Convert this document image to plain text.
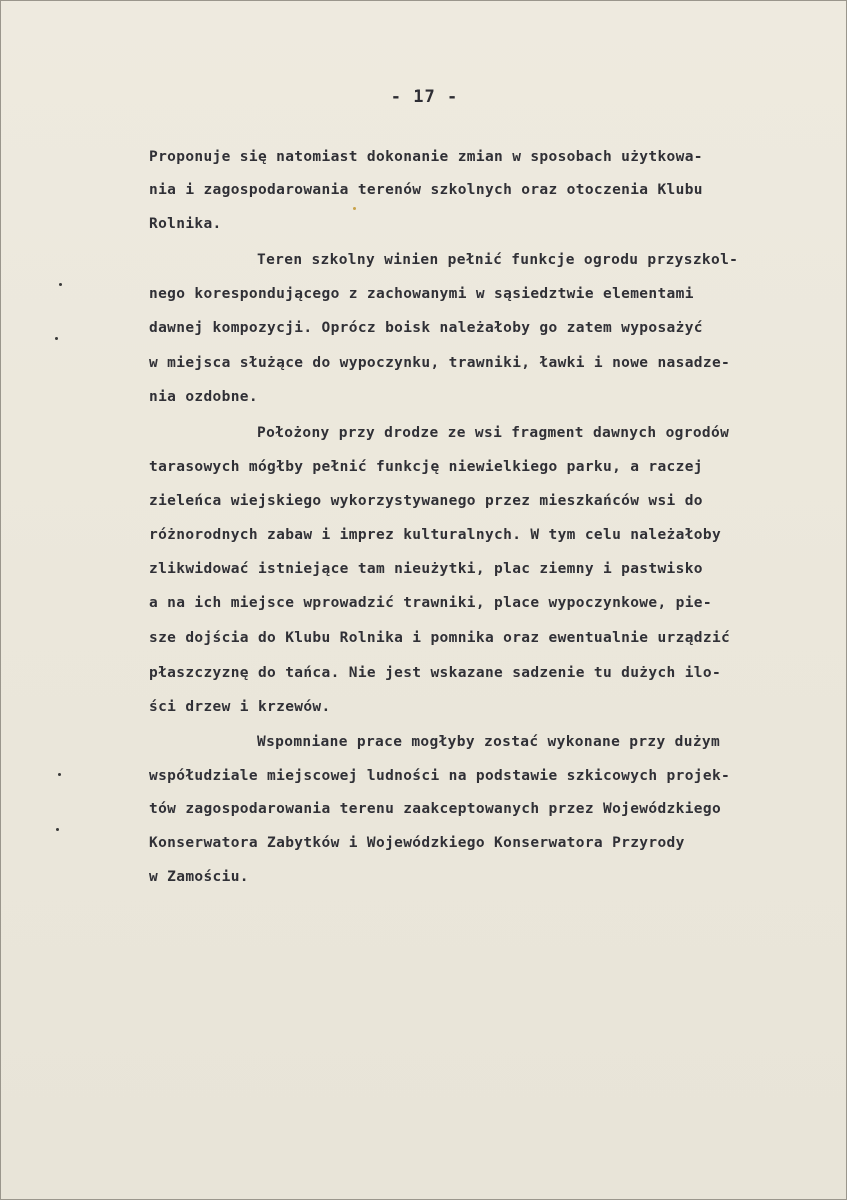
- 17 -
Proponuje się natomiast dokonanie zmian w sposobach użytkowa-
nia i zagospodarowania terenów szkolnych oraz otoczenia Klubu
Rolnika.
Teren szkolny winien pełnić funkcje ogrodu przyszkol-
nego korespondującego z zachowanymi w sąsiedztwie elementami
dawnej kompozycji. Oprócz boisk należałoby go zatem wyposażyć
w miejsca służące do wypoczynku, trawniki, ławki i nowe nasadze-
nia ozdobne.
Położony przy drodze ze wsi fragment dawnych ogrodów
tarasowych mógłby pełnić funkcję niewielkiego parku, a raczej
zieleńca wiejskiego wykorzystywanego przez mieszkańców wsi do
różnorodnych zabaw i imprez kulturalnych. W tym celu należałoby
zlikwidować istniejące tam nieużytki, plac ziemny i pastwisko
a na ich miejsce wprowadzić trawniki, place wypoczynkowe, pie-
sze dojścia do Klubu Rolnika i pomnika oraz ewentualnie urządzić
płaszczyznę do tańca. Nie jest wskazane sadzenie tu dużych ilo-
ści drzew i krzewów.
Wspomniane prace mogłyby zostać wykonane przy dużym
współudziale miejscowej ludności na podstawie szkicowych projek-
tów zagospodarowania terenu zaakceptowanych przez Wojewódzkiego
Konserwatora Zabytków i Wojewódzkiego Konserwatora Przyrody
w Zamościu.
